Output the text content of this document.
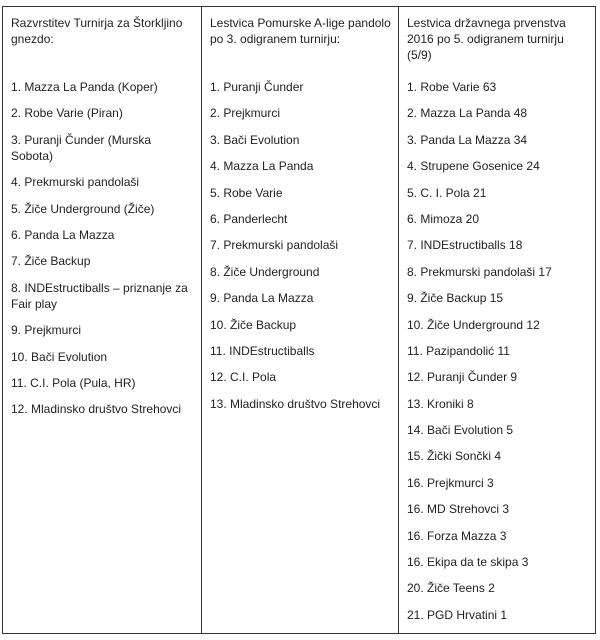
Razvrstitev Turnirja za Štorkljino gnezdo:

1. Mazza La Panda (Koper)
2. Robe Varie (Piran)
3. Puranji Čunder (Murska Sobota)
4. Prekmurski pandolaši
5. Žiče Underground (Žiče)
6. Panda La Mazza
7. Žiče Backup
8. INDEstructiballs – priznanje za Fair play
9. Prejkmurci
10. Bači Evolution
11. C.I. Pola (Pula, HR)
12. Mladinsko društvo Strehovci

Lestvica Pomurske A-lige pandolo po 3. odigranem turnirju:

1. Puranji Čunder
2. Prejkmurci
3. Bači Evolution
4. Mazza La Panda
5. Robe Varie
6. Panderlecht
7. Prekmurski pandolaši
8. Žiče Underground
9. Panda La Mazza
10. Žiče Backup
11. INDEstructiballs
12. C.I. Pola
13. Mladinsko društvo Strehovci

Lestvica državnega prvenstva 2016 po 5. odigranem turnirju (5/9)

1. Robe Varie 63
2. Mazza La Panda 48
3. Panda La Mazza 34
4. Strupene Gosenice 24
5. C. I. Pola 21
6. Mimoza 20
7. INDEstructiballs 18
8. Prekmurski pandolaši 17
9. Žiče Backup 15
10. Žiče Underground 12
11. Pazipandolić 11
12. Puranji Čunder 9
13. Kroniki 8
14. Bači Evolution 5
15. Žički Sončki 4
16. Prejkmurci 3
16. MD Strehovci 3
16. Forza Mazza 3
16. Ekipa da te skipa 3
20. Žiče Teens 2
21. PGD Hrvatini 1
